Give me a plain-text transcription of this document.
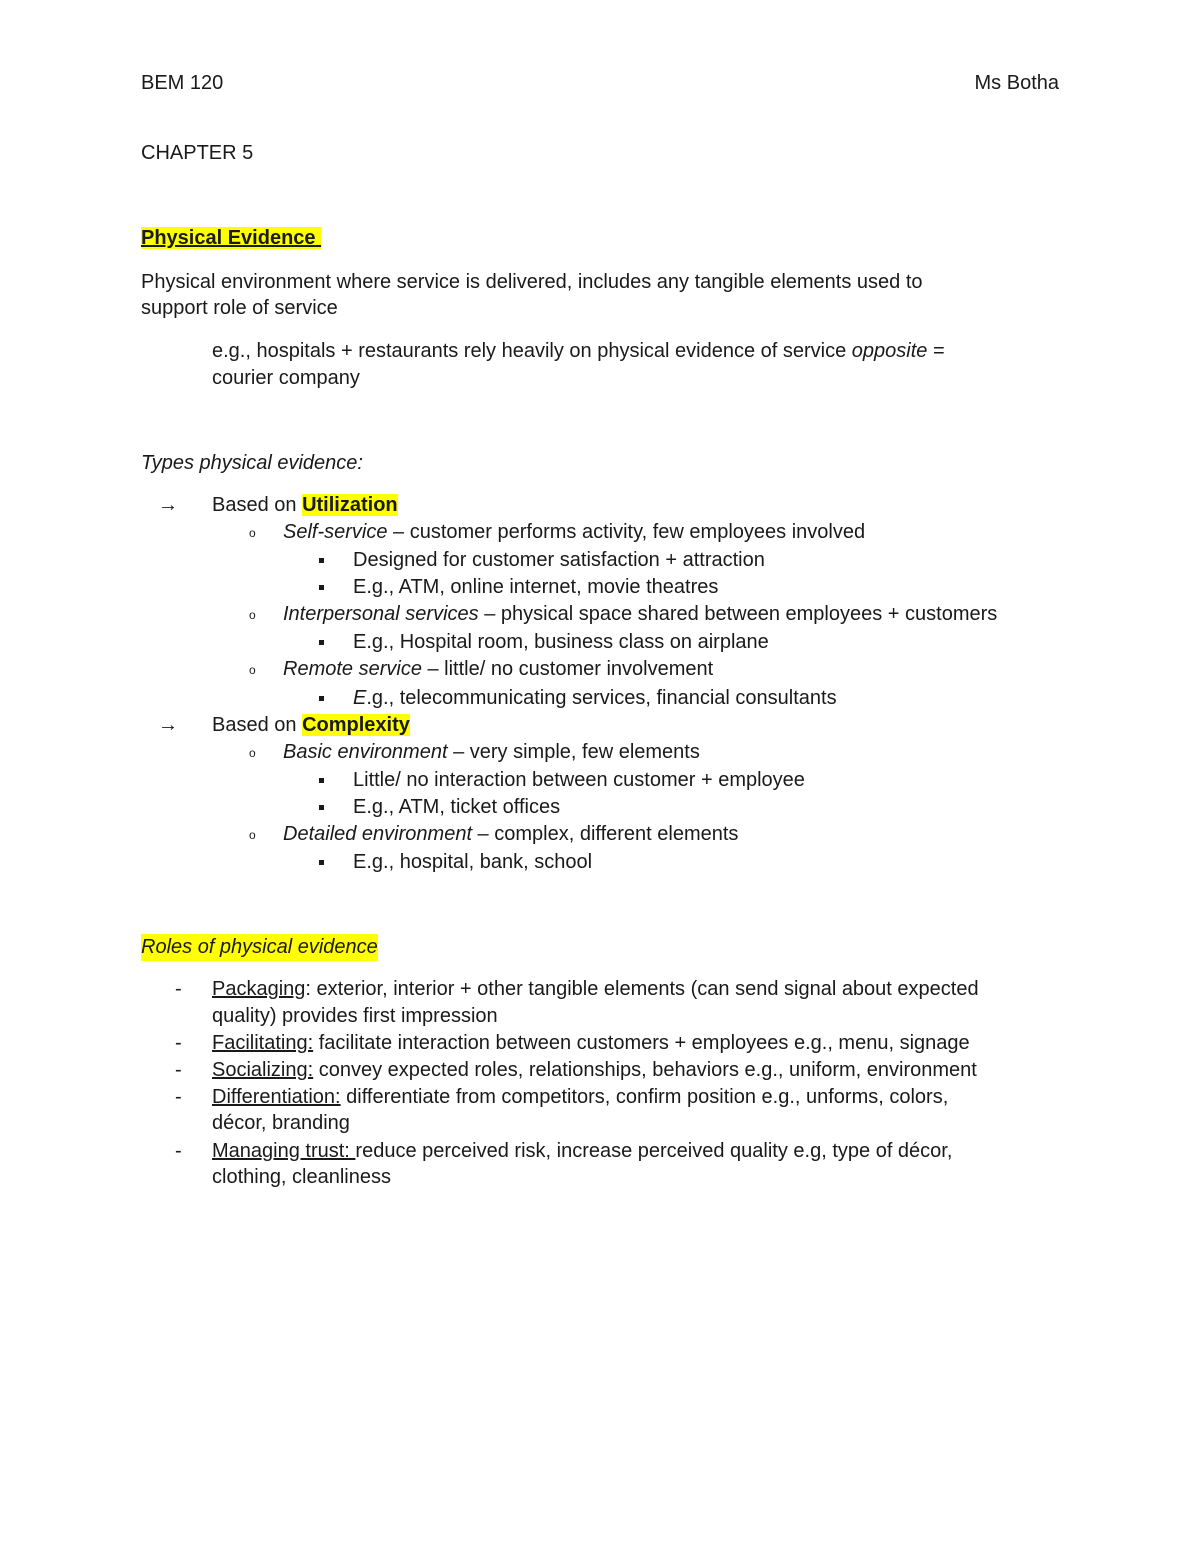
BEM 120	Ms Botha
CHAPTER 5
Physical Evidence
Physical environment where service is delivered, includes any tangible elements used to
support role of service
e.g., hospitals + restaurants rely heavily on physical evidence of service opposite =
courier company
Types physical evidence:
→ Based on Utilization
o Self-service – customer performs activity, few employees involved
Designed for customer satisfaction + attraction
E.g., ATM, online internet, movie theatres
o Interpersonal services – physical space shared between employees + customers
E.g., Hospital room, business class on airplane
o Remote service – little/ no customer involvement
E.g., telecommunicating services, financial consultants
→ Based on Complexity
o Basic environment – very simple, few elements
Little/ no interaction between customer + employee
E.g., ATM, ticket offices
o Detailed environment – complex, different elements
E.g., hospital, bank, school
Roles of physical evidence
- Packaging: exterior, interior + other tangible elements (can send signal about expected
quality) provides first impression
- Facilitating: facilitate interaction between customers + employees e.g., menu, signage
- Socializing: convey expected roles, relationships, behaviors e.g., uniform, environment
- Differentiation: differentiate from competitors, confirm position e.g., unforms, colors,
décor, branding
- Managing trust: reduce perceived risk, increase perceived quality e.g, type of décor,
clothing, cleanliness
